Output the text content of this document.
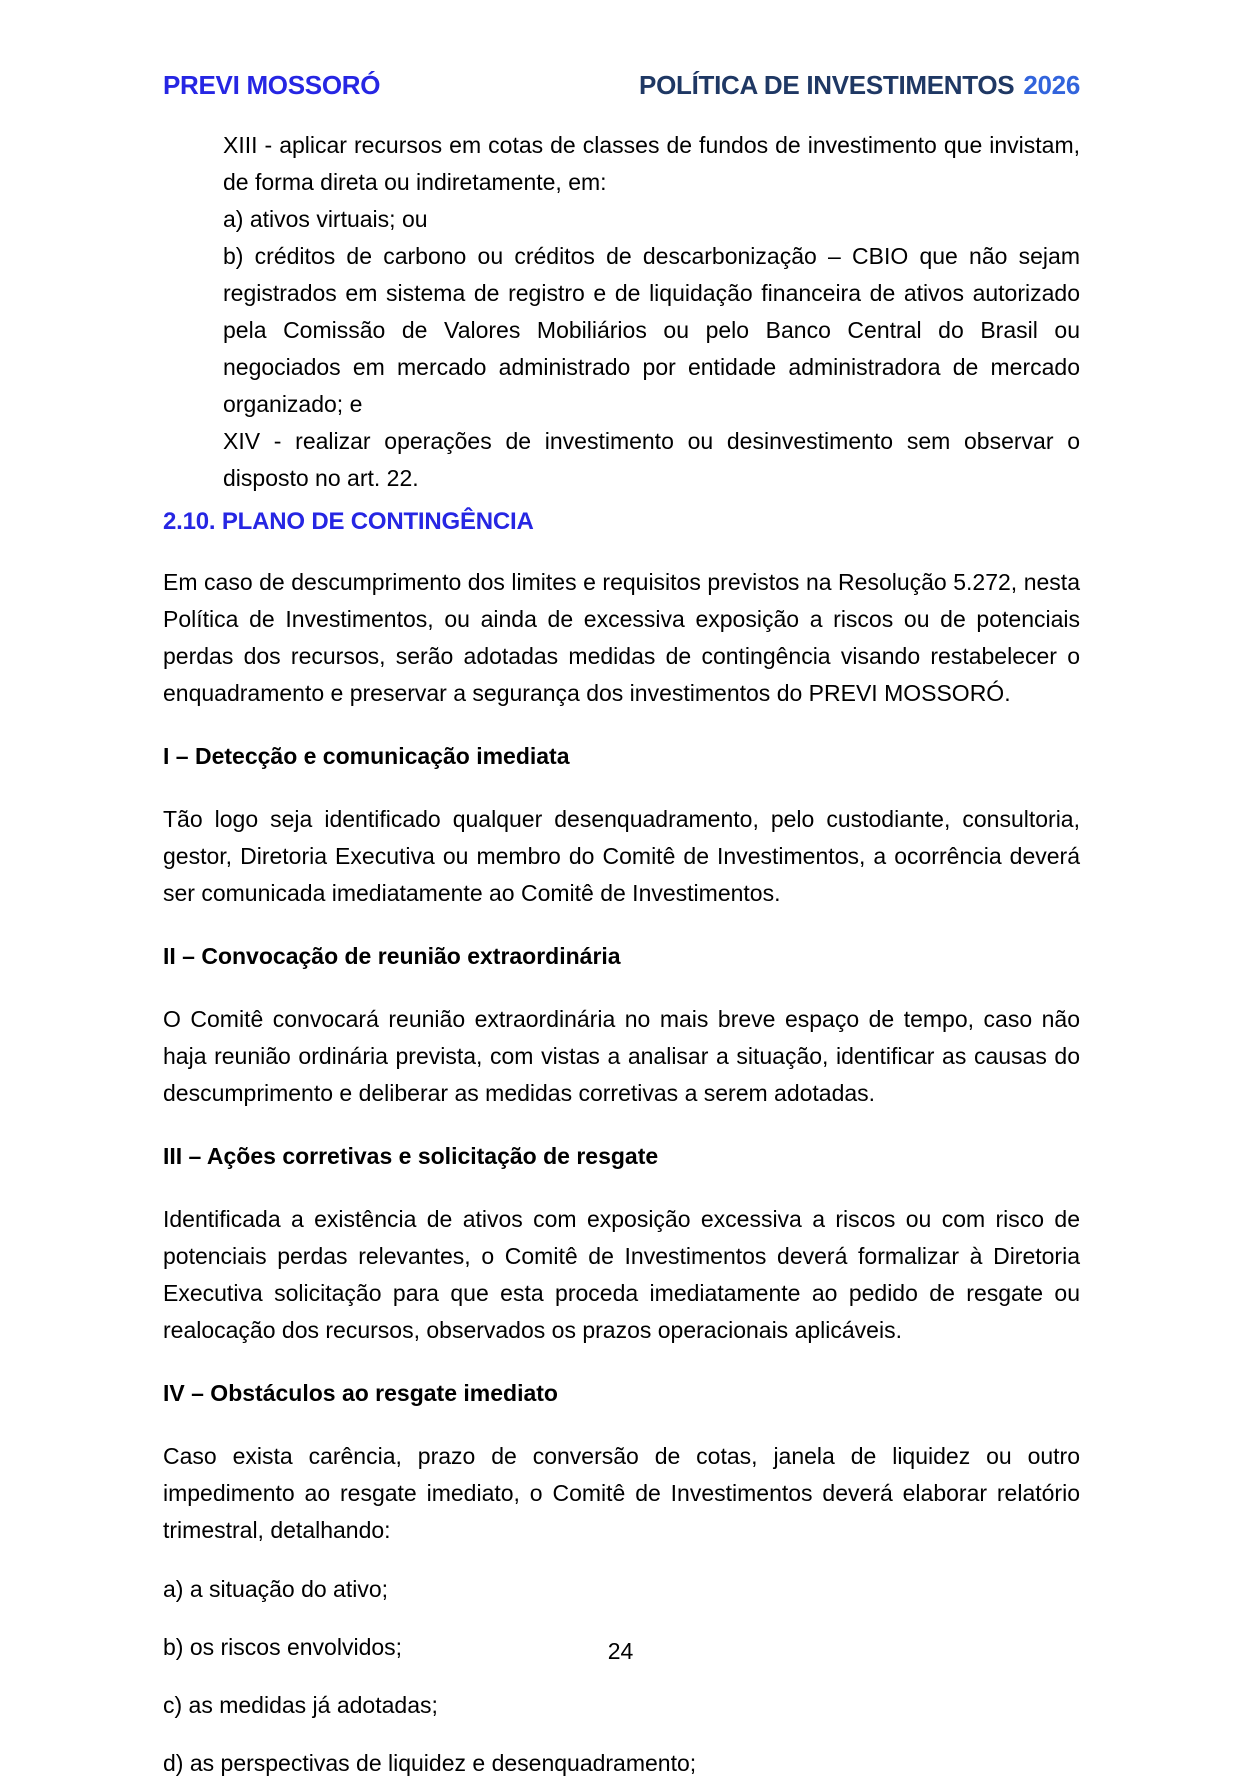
PREVI MOSSORÓ	POLÍTICA DE INVESTIMENTOS 2026

XIII - aplicar recursos em cotas de classes de fundos de investimento que invistam, de forma direta ou indiretamente, em:

a) ativos virtuais; ou

b) créditos de carbono ou créditos de descarbonização – CBIO que não sejam registrados em sistema de registro e de liquidação financeira de ativos autorizado pela Comissão de Valores Mobiliários ou pelo Banco Central do Brasil ou negociados em mercado administrado por entidade administradora de mercado organizado; e

XIV - realizar operações de investimento ou desinvestimento sem observar o disposto no art. 22.

2.10. PLANO DE CONTINGÊNCIA

Em caso de descumprimento dos limites e requisitos previstos na Resolução 5.272, nesta Política de Investimentos, ou ainda de excessiva exposição a riscos ou de potenciais perdas dos recursos, serão adotadas medidas de contingência visando restabelecer o enquadramento e preservar a segurança dos investimentos do PREVI MOSSORÓ.

I – Detecção e comunicação imediata

Tão logo seja identificado qualquer desenquadramento, pelo custodiante, consultoria, gestor, Diretoria Executiva ou membro do Comitê de Investimentos, a ocorrência deverá ser comunicada imediatamente ao Comitê de Investimentos.

II – Convocação de reunião extraordinária

O Comitê convocará reunião extraordinária no mais breve espaço de tempo, caso não haja reunião ordinária prevista, com vistas a analisar a situação, identificar as causas do descumprimento e deliberar as medidas corretivas a serem adotadas.

III – Ações corretivas e solicitação de resgate

Identificada a existência de ativos com exposição excessiva a riscos ou com risco de potenciais perdas relevantes, o Comitê de Investimentos deverá formalizar à Diretoria Executiva solicitação para que esta proceda imediatamente ao pedido de resgate ou realocação dos recursos, observados os prazos operacionais aplicáveis.

IV – Obstáculos ao resgate imediato

Caso exista carência, prazo de conversão de cotas, janela de liquidez ou outro impedimento ao resgate imediato, o Comitê de Investimentos deverá elaborar relatório trimestral, detalhando:

a) a situação do ativo;

b) os riscos envolvidos;

c) as medidas já adotadas;

d) as perspectivas de liquidez e desenquadramento;

24
